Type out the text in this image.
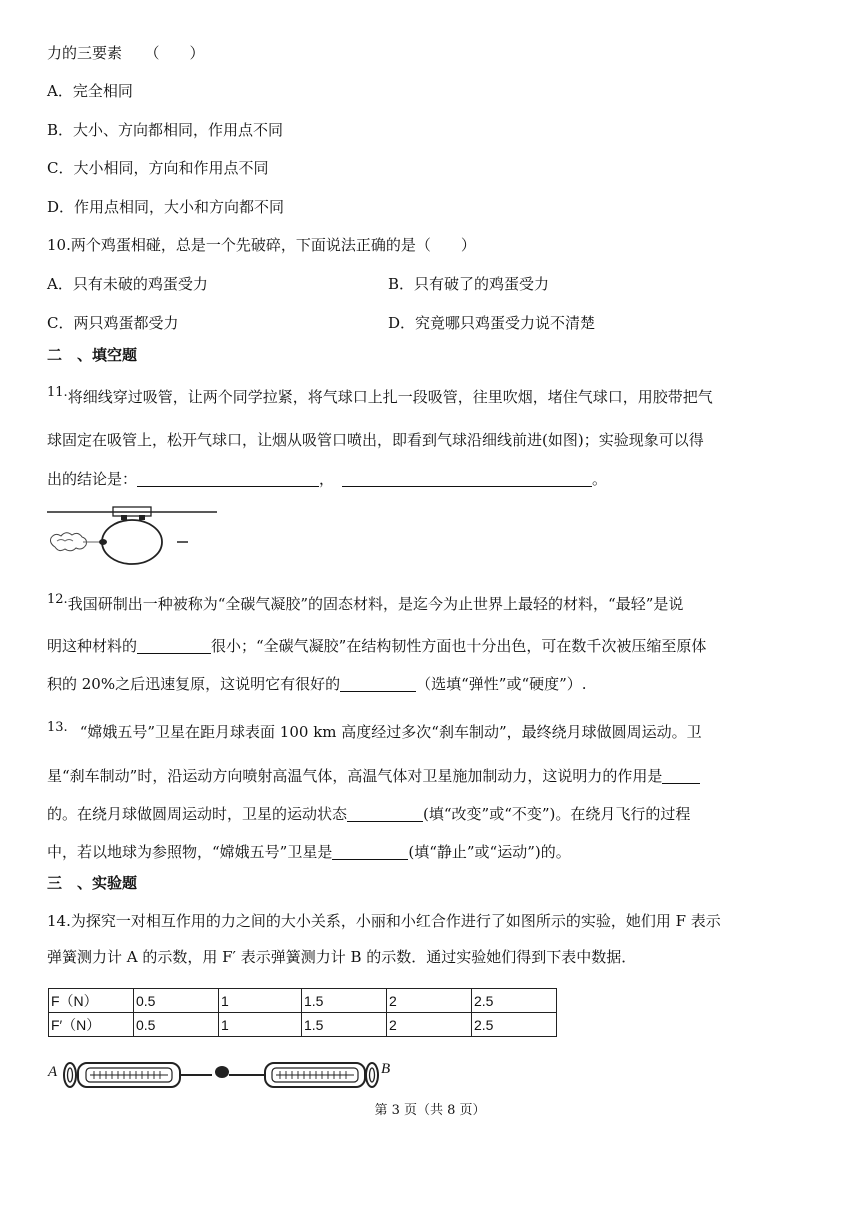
力的三要素　　（　　）
A．完全相同
B．大小、方向都相同，作用点不同
C．大小相同，方向和作用点不同
D．作用点相同，大小和方向都不同
10.两个鸡蛋相碰，总是一个先破碎，下面说法正确的是（　　）
A．只有未破的鸡蛋受力	B．只有破了的鸡蛋受力
C．两只鸡蛋都受力	D．究竟哪只鸡蛋受力说不清楚
二　、填空题
11.将细线穿过吸管，让两个同学拉紧，将气球口上扎一段吸管，往里吹烟，堵住气球口，用胶带把气
球固定在吸管上，松开气球口，让烟从吸管口喷出，即看到气球沿细线前进(如图)；实验现象可以得
出的结论是：	，	。
12.我国研制出一种被称为“全碳气凝胶”的固态材料，是迄今为止世界上最轻的材料，“最轻”是说
明这种材料的	很小；“全碳气凝胶”在结构韧性方面也十分出色，可在数千次被压缩至原体
积的 20%之后迅速复原，这说明它有很好的	（选填“弹性”或“硬度”）.
13. “嫦娥五号”卫星在距月球表面 100 km 高度经过多次“刹车制动”，最终绕月球做圆周运动。卫
星“刹车制动”时，沿运动方向喷射高温气体，高温气体对卫星施加制动力，这说明力的作用是
的。在绕月球做圆周运动时，卫星的运动状态	(填“改变”或“不变”)。在绕月飞行的过程
中，若以地球为参照物，“嫦娥五号”卫星是	(填“静止”或“运动”)的。
三　、实验题
14.为探究一对相互作用的力之间的大小关系，小丽和小红合作进行了如图所示的实验，她们用 F 表示
弹簧测力计 A 的示数，用 F′ 表示弹簧测力计 B 的示数．通过实验她们得到下表中数据．
F（N）	0.5	1	1.5	2	2.5
F′（N）	0.5	1	1.5	2	2.5
A	B
第 3 页（共 8 页）
